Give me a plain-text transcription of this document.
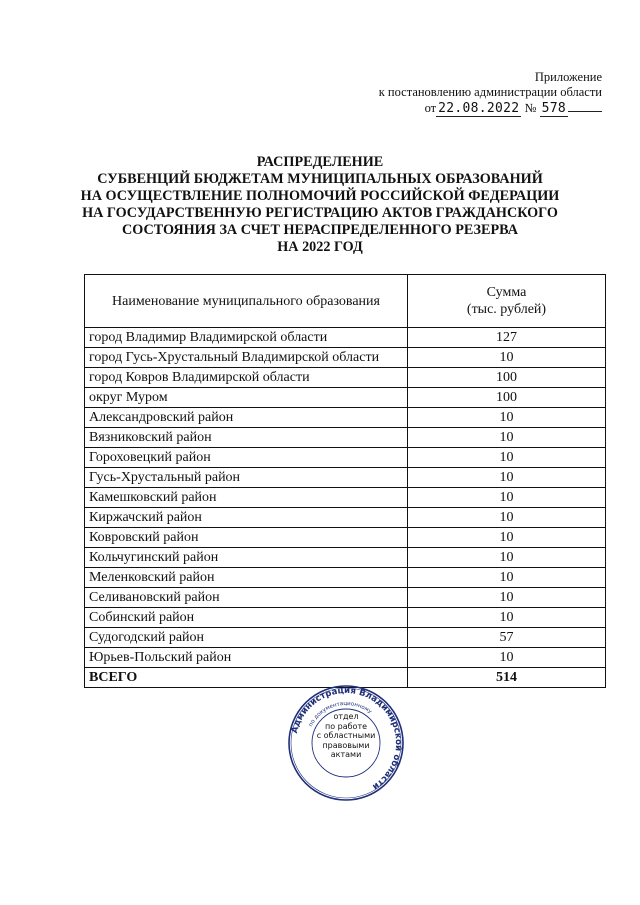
Приложение
к постановлению администрации области
от 22.08.2022 № 578
РАСПРЕДЕЛЕНИЕ
СУБВЕНЦИЙ БЮДЖЕТАМ МУНИЦИПАЛЬНЫХ ОБРАЗОВАНИЙ
НА ОСУЩЕСТВЛЕНИЕ ПОЛНОМОЧИЙ РОССИЙСКОЙ ФЕДЕРАЦИИ
НА ГОСУДАРСТВЕННУЮ РЕГИСТРАЦИЮ АКТОВ ГРАЖДАНСКОГО
СОСТОЯНИЯ ЗА СЧЕТ НЕРАСПРЕДЕЛЕННОГО РЕЗЕРВА
НА 2022 ГОД
Наименование муниципального образования	Сумма
(тыс. рублей)

город Владимир Владимирской области	127
город Гусь-Хрустальный Владимирской области	10
город Ковров Владимирской области	100
округ Муром	100
Александровский район	10
Вязниковский район	10
Гороховецкий район	10
Гусь-Хрустальный район	10
Камешковский район	10
Киржачский район	10
Ковровский район	10
Кольчугинский район	10
Меленковский район	10
Селивановский район	10
Собинский район	10
Судогодский район	57
Юрьев-Польский район	10
ВСЕГО	514
Администрация Владимирской области
по документационному
отдел
по работе
с областными
правовыми
актами
